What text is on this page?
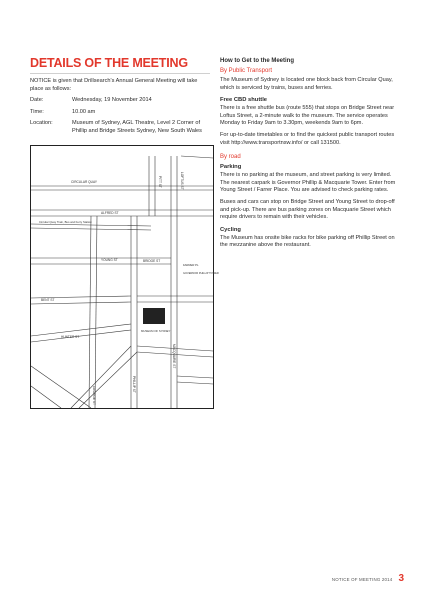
DETAILS OF THE MEETING
NOTICE is given that Drillsearch's Annual General Meeting will take place as follows:
Date:	Wednesday, 19 November 2014
Time:	10.00 am
Location:	Museum of Sydney, AGL Theatre, Level 2 Corner of Phillip and Bridge Streets Sydney, New South Wales
CIRCULAR QUAY	PITT ST	LOFTUS ST
ALFRED ST
Circular Quay Train, Bus and Ferry Station
BRIDGE ST
MUSEUM OF SYDNEY
FARRER PL
GOVERNOR PHILLIP TOWER
YOUNG ST
BENT ST
HUNTER ST
GEORGE ST
PHILLIP ST
MACQUARIE ST
How to Get to the Meeting
By Public Transport
The Museum of Sydney is located one block back from Circular Quay, which is serviced by trains, buses and ferries.
Free CBD shuttle
There is a free shuttle bus (route 555) that stops on Bridge Street near Loftus Street, a 2-minute walk to the museum. The service operates Monday to Friday 9am to 3.30pm, weekends 9am to 6pm.
For up-to-date timetables or to find the quickest public transport routes visit http://www.transportnsw.info/ or call 131500.
By road
Parking
There is no parking at the museum, and street parking is very limited. The nearest carpark is Governor Phillip & Macquarie Tower. Enter from Young Street / Farrer Place. You are advised to check parking rates.
Buses and cars can stop on Bridge Street and Young Street to drop-off and pick-up. There are bus parking zones on Macquarie Street which require drivers to remain with their vehicles.
Cycling
The Museum has onsite bike racks for bike parking off Phillip Street on the mezzanine above the restaurant.
NOTICE OF MEETING 2014 3
